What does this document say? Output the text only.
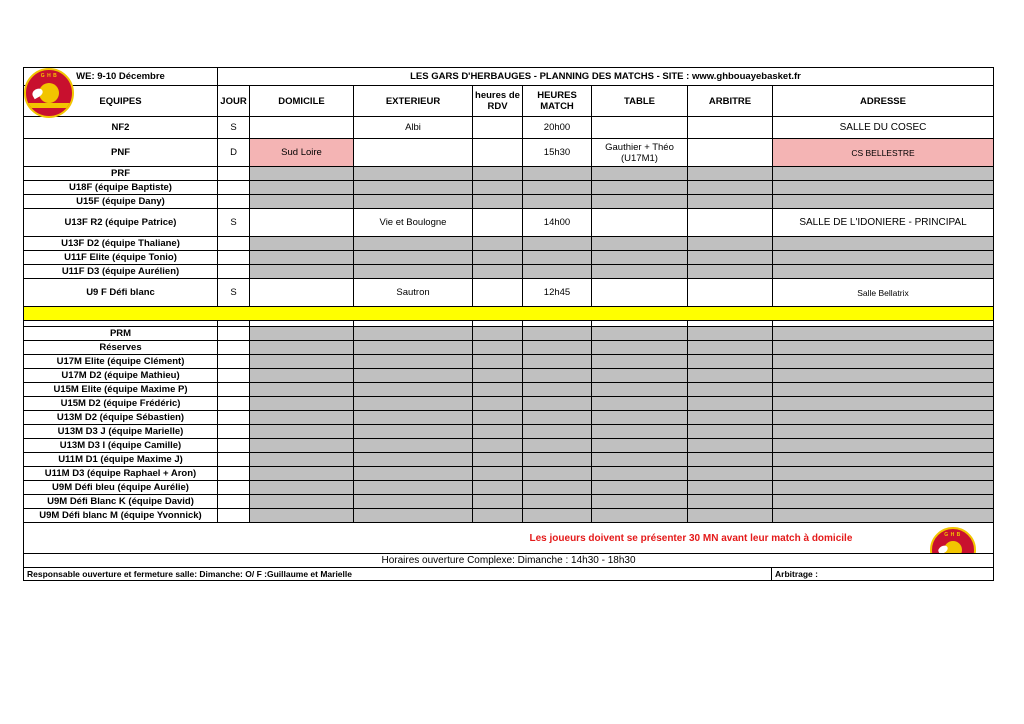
WE: 9-10 Décembre	LES GARS D'HERBAUGES - PLANNING DES MATCHS - SITE : www.ghbouayebasket.fr							
EQUIPES	JOUR	DOMICILE	EXTERIEUR	heures de RDV	HEURES MATCH	TABLE	ARBITRE	ADRESSE
NF2	S		Albi		20h00			SALLE DU COSEC
PNF	D	Sud Loire			15h30	Gauthier + Théo (U17M1)		CS BELLESTRE
PRF								
U18F (équipe Baptiste)								
U15F (équipe Dany)								
U13F R2 (équipe Patrice)	S		Vie et Boulogne		14h00			SALLE DE L'IDONIERE - PRINCIPAL
U13F D2 (équipe Thaliane)								
U11F Elite (équipe Tonio)								
U11F D3 (équipe Aurélien)								
U9 F Défi blanc	S		Sautron		12h45			Salle Bellatrix

PRM								
Réserves								
U17M Elite (équipe Clément)								
U17M D2 (équipe Mathieu)								
U15M Elite (équipe Maxime P)								
U15M D2 (équipe Frédéric)								
U13M D2 (équipe Sébastien)								
U13M D3 J (équipe Marielle)								
U13M D3 I (équipe Camille)								
U11M D1 (équipe Maxime J)								
U11M D3 (équipe Raphael + Aron)								
U9M Défi bleu (équipe Aurélie)								
U9M Défi Blanc K (équipe David)								
U9M Défi blanc M (équipe Yvonnick)								
	Les joueurs doivent se présenter 30 MN avant leur match à domicile	G H B

Horaires ouverture Complexe: Dimanche : 14h30 - 18h30
Responsable ouverture et fermeture salle: Dimanche: O/ F :Guillaume et Marielle	Arbitrage :
G H B
